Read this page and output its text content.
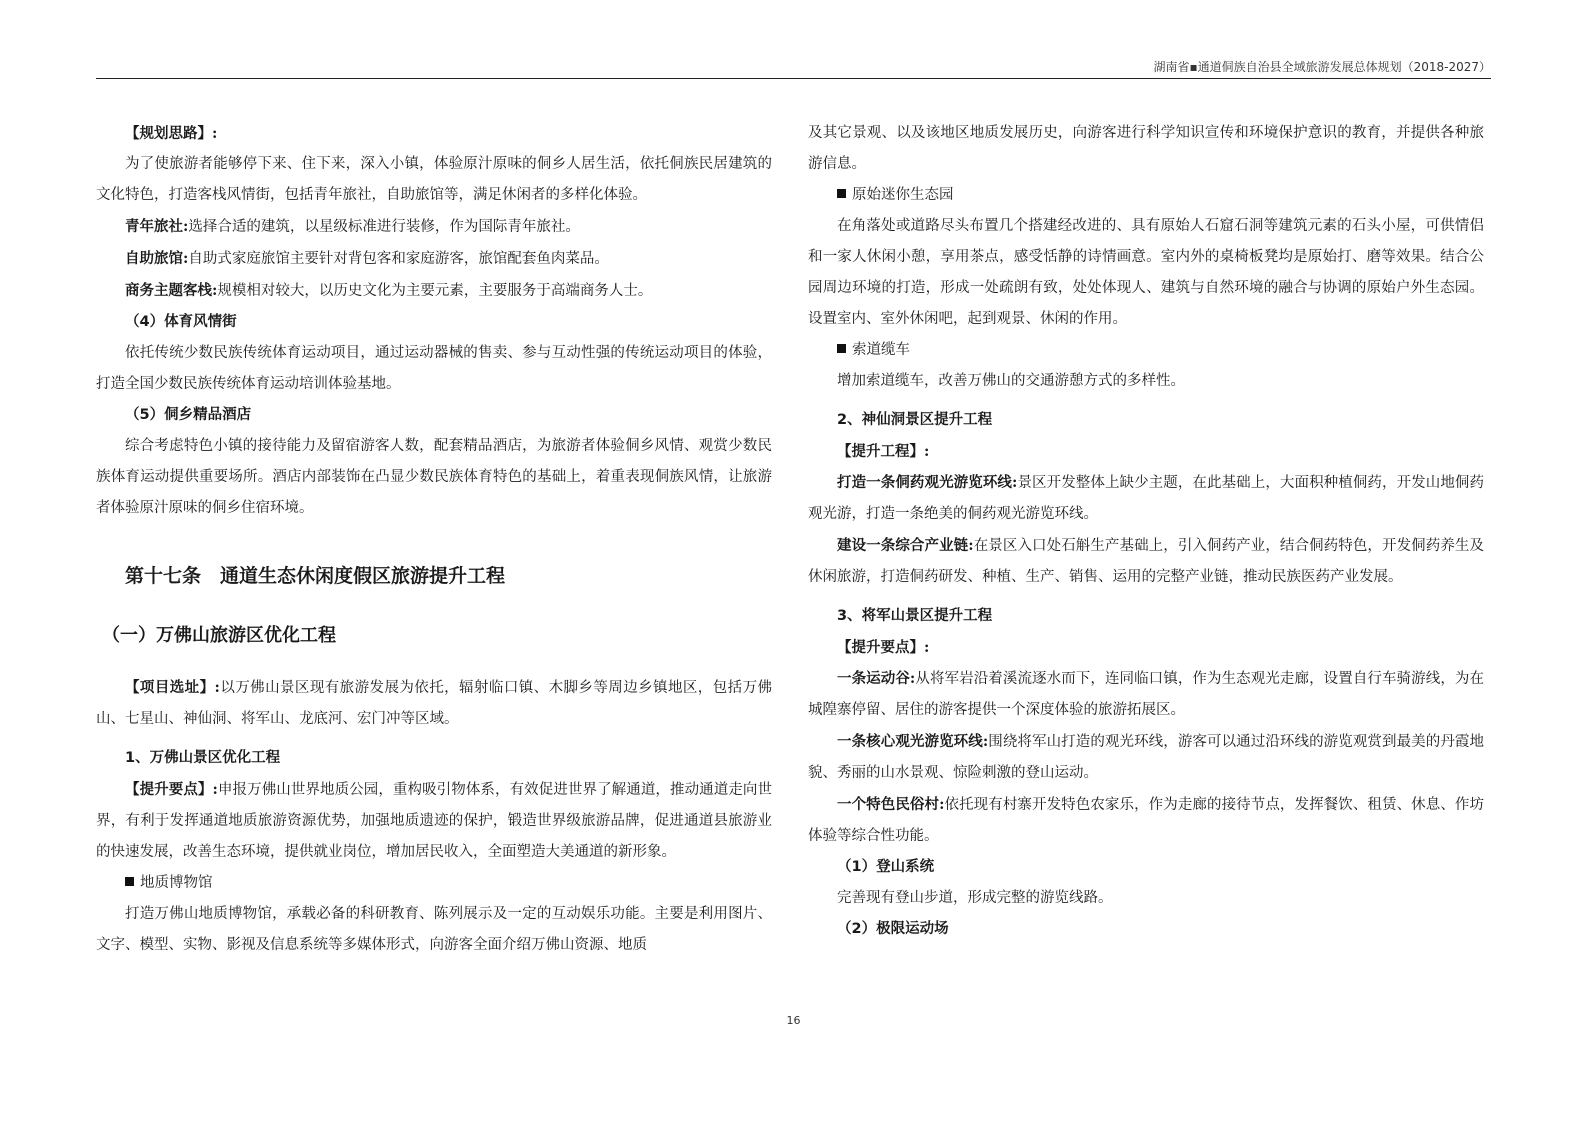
湖南省▪通道侗族自治县全域旅游发展总体规划（2018-2027）

【规划思路】:

为了使旅游者能够停下来、住下来，深入小镇，体验原汁原味的侗乡人居生活，依托侗族民居建筑的文化特色，打造客栈风情街，包括青年旅社，自助旅馆等，满足休闲者的多样化体验。

青年旅社:选择合适的建筑，以星级标准进行装修，作为国际青年旅社。

自助旅馆:自助式家庭旅馆主要针对背包客和家庭游客，旅馆配套鱼肉菜品。

商务主题客栈:规模相对较大，以历史文化为主要元素，主要服务于高端商务人士。

（4）体育风情街

依托传统少数民族传统体育运动项目，通过运动器械的售卖、参与互动性强的传统运动项目的体验，打造全国少数民族传统体育运动培训体验基地。

（5）侗乡精品酒店

综合考虑特色小镇的接待能力及留宿游客人数，配套精品酒店，为旅游者体验侗乡风情、观赏少数民族体育运动提供重要场所。酒店内部装饰在凸显少数民族体育特色的基础上，着重表现侗族风情，让旅游者体验原汁原味的侗乡住宿环境。

第十七条　通道生态休闲度假区旅游提升工程
（一）万佛山旅游区优化工程

【项目选址】:以万佛山景区现有旅游发展为依托，辐射临口镇、木脚乡等周边乡镇地区，包括万佛山、七星山、神仙洞、将军山、龙底河、宏门冲等区域。

1、万佛山景区优化工程

【提升要点】:申报万佛山世界地质公园，重构吸引物体系，有效促进世界了解通道，推动通道走向世界，有利于发挥通道地质旅游资源优势，加强地质遗迹的保护，锻造世界级旅游品牌，促进通道县旅游业的快速发展，改善生态环境，提供就业岗位，增加居民收入，全面塑造大美通道的新形象。

地质博物馆

打造万佛山地质博物馆，承载必备的科研教育、陈列展示及一定的互动娱乐功能。主要是利用图片、文字、模型、实物、影视及信息系统等多媒体形式，向游客全面介绍万佛山资源、地质

及其它景观、以及该地区地质发展历史，向游客进行科学知识宣传和环境保护意识的教育，并提供各种旅游信息。

原始迷你生态园

在角落处或道路尽头布置几个搭建经改进的、具有原始人石窟石洞等建筑元素的石头小屋，可供情侣和一家人休闲小憩，享用茶点，感受恬静的诗情画意。室内外的桌椅板凳均是原始打、磨等效果。结合公园周边环境的打造，形成一处疏朗有致，处处体现人、建筑与自然环境的融合与协调的原始户外生态园。设置室内、室外休闲吧，起到观景、休闲的作用。

索道缆车

增加索道缆车，改善万佛山的交通游憩方式的多样性。

2、神仙洞景区提升工程

【提升工程】:

打造一条侗药观光游览环线:景区开发整体上缺少主题，在此基础上，大面积种植侗药，开发山地侗药观光游，打造一条绝美的侗药观光游览环线。

建设一条综合产业链:在景区入口处石斛生产基础上，引入侗药产业，结合侗药特色，开发侗药养生及休闲旅游，打造侗药研发、种植、生产、销售、运用的完整产业链，推动民族医药产业发展。

3、将军山景区提升工程

【提升要点】:

一条运动谷:从将军岩沿着溪流逐水而下，连同临口镇，作为生态观光走廊，设置自行车骑游线，为在城隍寨停留、居住的游客提供一个深度体验的旅游拓展区。

一条核心观光游览环线:围绕将军山打造的观光环线，游客可以通过沿环线的游览观赏到最美的丹霞地貌、秀丽的山水景观、惊险刺激的登山运动。

一个特色民俗村:依托现有村寨开发特色农家乐，作为走廊的接待节点，发挥餐饮、租赁、休息、作坊体验等综合性功能。

（1）登山系统

完善现有登山步道，形成完整的游览线路。

（2）极限运动场
16
